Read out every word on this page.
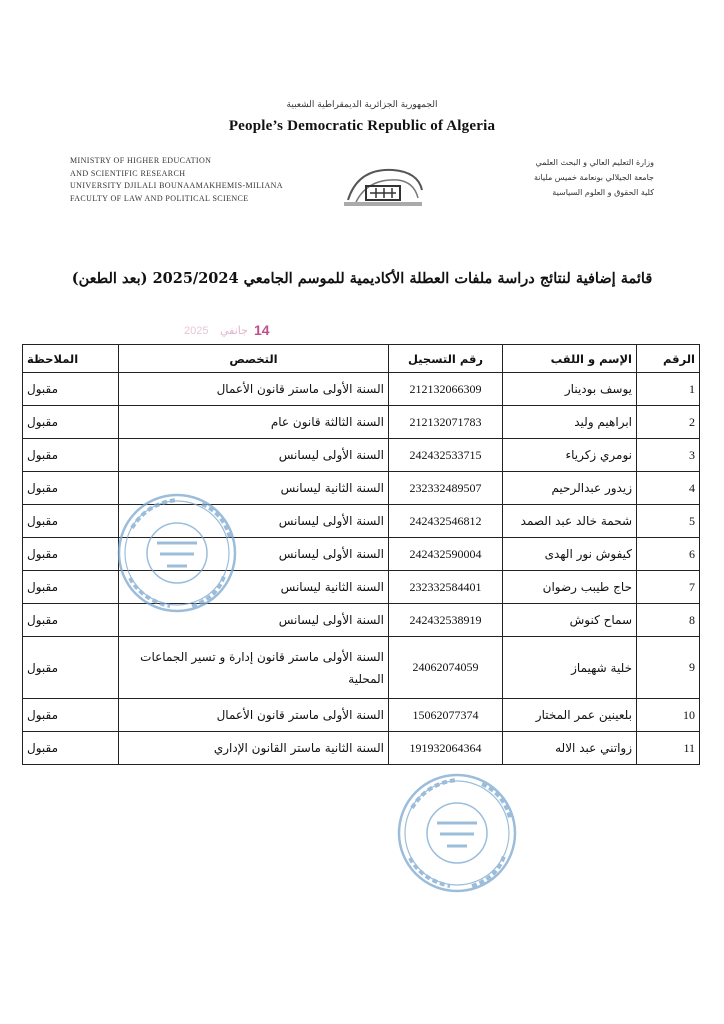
الجمهورية الجزائرية الديمقراطية الشعبية
People’s Democratic Republic of Algeria
MINISTRY OF HIGHER EDUCATION
AND SCIENTIFIC RESEARCH
UNIVERSITY DJILALI BOUNAAMAKHEMIS-MILIANA
FACULTY OF LAW AND POLITICAL SCIENCE
وزارة التعليم العالي و البحث العلمي
جامعة الجيلالي بونعامة خميس مليانة
كلية الحقوق و العلوم السياسية
قائمة إضافية لنتائج دراسة ملفات العطلة الأكاديمية للموسم الجامعي 2025/2024 (بعد الطعن)
2025 جانفي 14
الرقم	الإسم و اللقب	رقم التسجيل	التخصص	الملاحظة
1	يوسف بودينار	212132066309	السنة الأولى ماستر قانون الأعمال	مقبول
2	ابراهيم وليد	212132071783	السنة الثالثة قانون عام	مقبول
3	نومري زكرياء	242432533715	السنة الأولى ليسانس	مقبول
4	زيدور عبدالرحيم	232332489507	السنة الثانية ليسانس	مقبول
5	شحمة خالد عبد الصمد	242432546812	السنة الأولى ليسانس	مقبول
6	كيفوش نور الهدى	242432590004	السنة الأولى ليسانس	مقبول
7	حاج طيبب رضوان	232332584401	السنة الثانية ليسانس	مقبول
8	سماح كنوش	242432538919	السنة الأولى ليسانس	مقبول
9	خلية شهيماز	24062074059	السنة الأولى ماستر قانون إدارة و تسير الجماعات المحلية	مقبول
10	بلعينين عمر المختار	15062077374	السنة الأولى ماستر قانون الأعمال	مقبول
11	زواتني عبد الاله	191932064364	السنة الثانية ماستر القانون الإداري	مقبول
